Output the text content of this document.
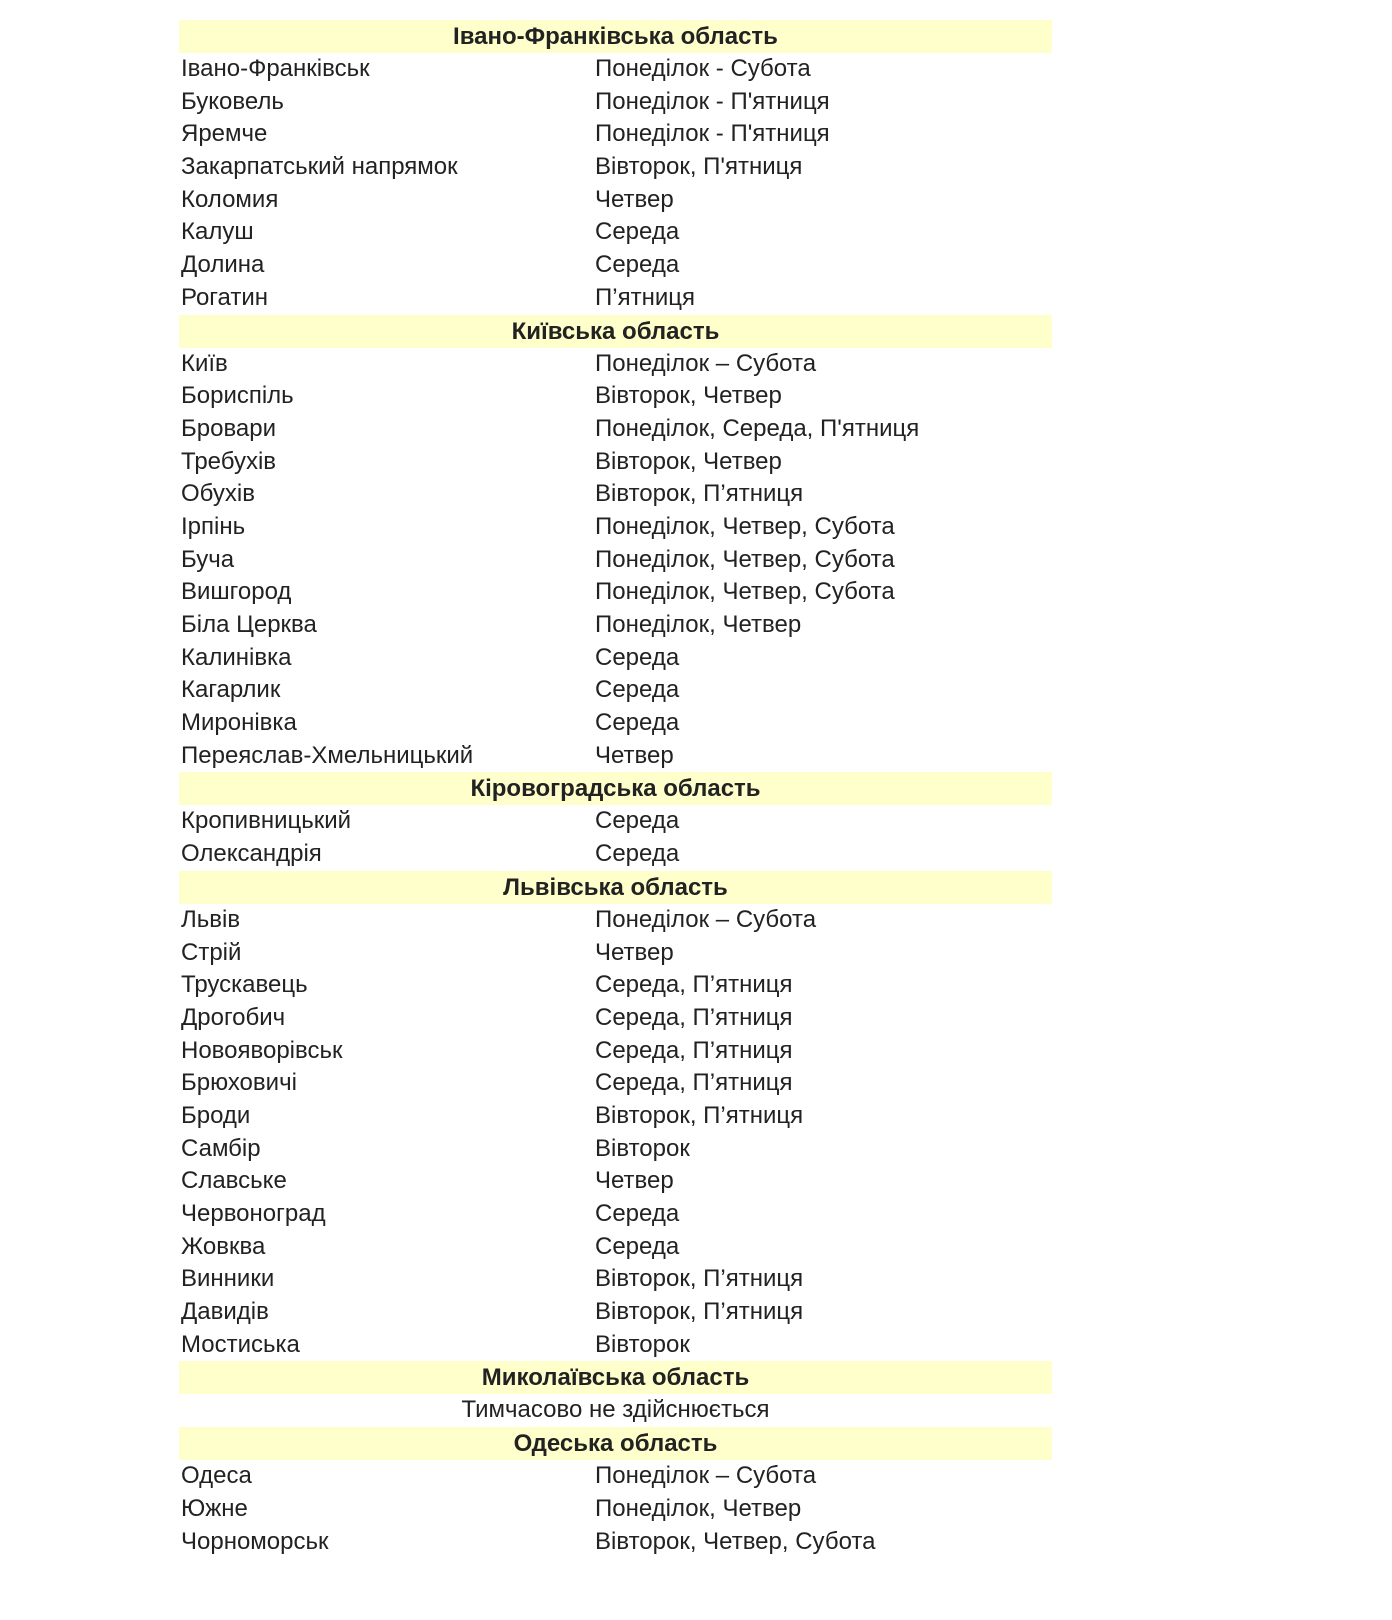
Івано-Франківська область
Івано-Франківськ	Понеділок - Субота
Буковель	Понеділок - П'ятниця
Яремче	Понеділок - П'ятниця
Закарпатський напрямок	Вівторок, П'ятниця
Коломия	Четвер
Калуш	Середа
Долина	Середа
Рогатин	П’ятниця
Київська область
Київ	Понеділок – Субота
Бориспіль	Вівторок, Четвер
Бровари	Понеділок, Середа, П'ятниця
Требухів	Вівторок, Четвер
Обухів	Вівторок, П’ятниця
Ірпінь	Понеділок, Четвер, Субота
Буча	Понеділок, Четвер, Субота
Вишгород	Понеділок, Четвер, Субота
Біла Церква	Понеділок, Четвер
Калинівка	Середа
Кагарлик	Середа
Миронівка	Середа
Переяслав-Хмельницький	Четвер
Кіровоградська область
Кропивницький	Середа
Олександрія	Середа
Львівська область
Львів	Понеділок – Субота
Стрій	Четвер
Трускавець	Середа, П’ятниця
Дрогобич	Середа, П’ятниця
Новояворівськ	Середа, П’ятниця
Брюховичі	Середа, П’ятниця
Броди	Вівторок, П’ятниця
Самбір	Вівторок
Славське	Четвер
Червоноград	Середа
Жовква	Середа
Винники	Вівторок, П’ятниця
Давидів	Вівторок, П’ятниця
Мостиська	Вівторок
Миколаївська область
Тимчасово не здійснюється
Одеська область
Одеса	Понеділок – Субота
Южне	Понеділок, Четвер
Чорноморськ	Вівторок, Четвер, Субота
